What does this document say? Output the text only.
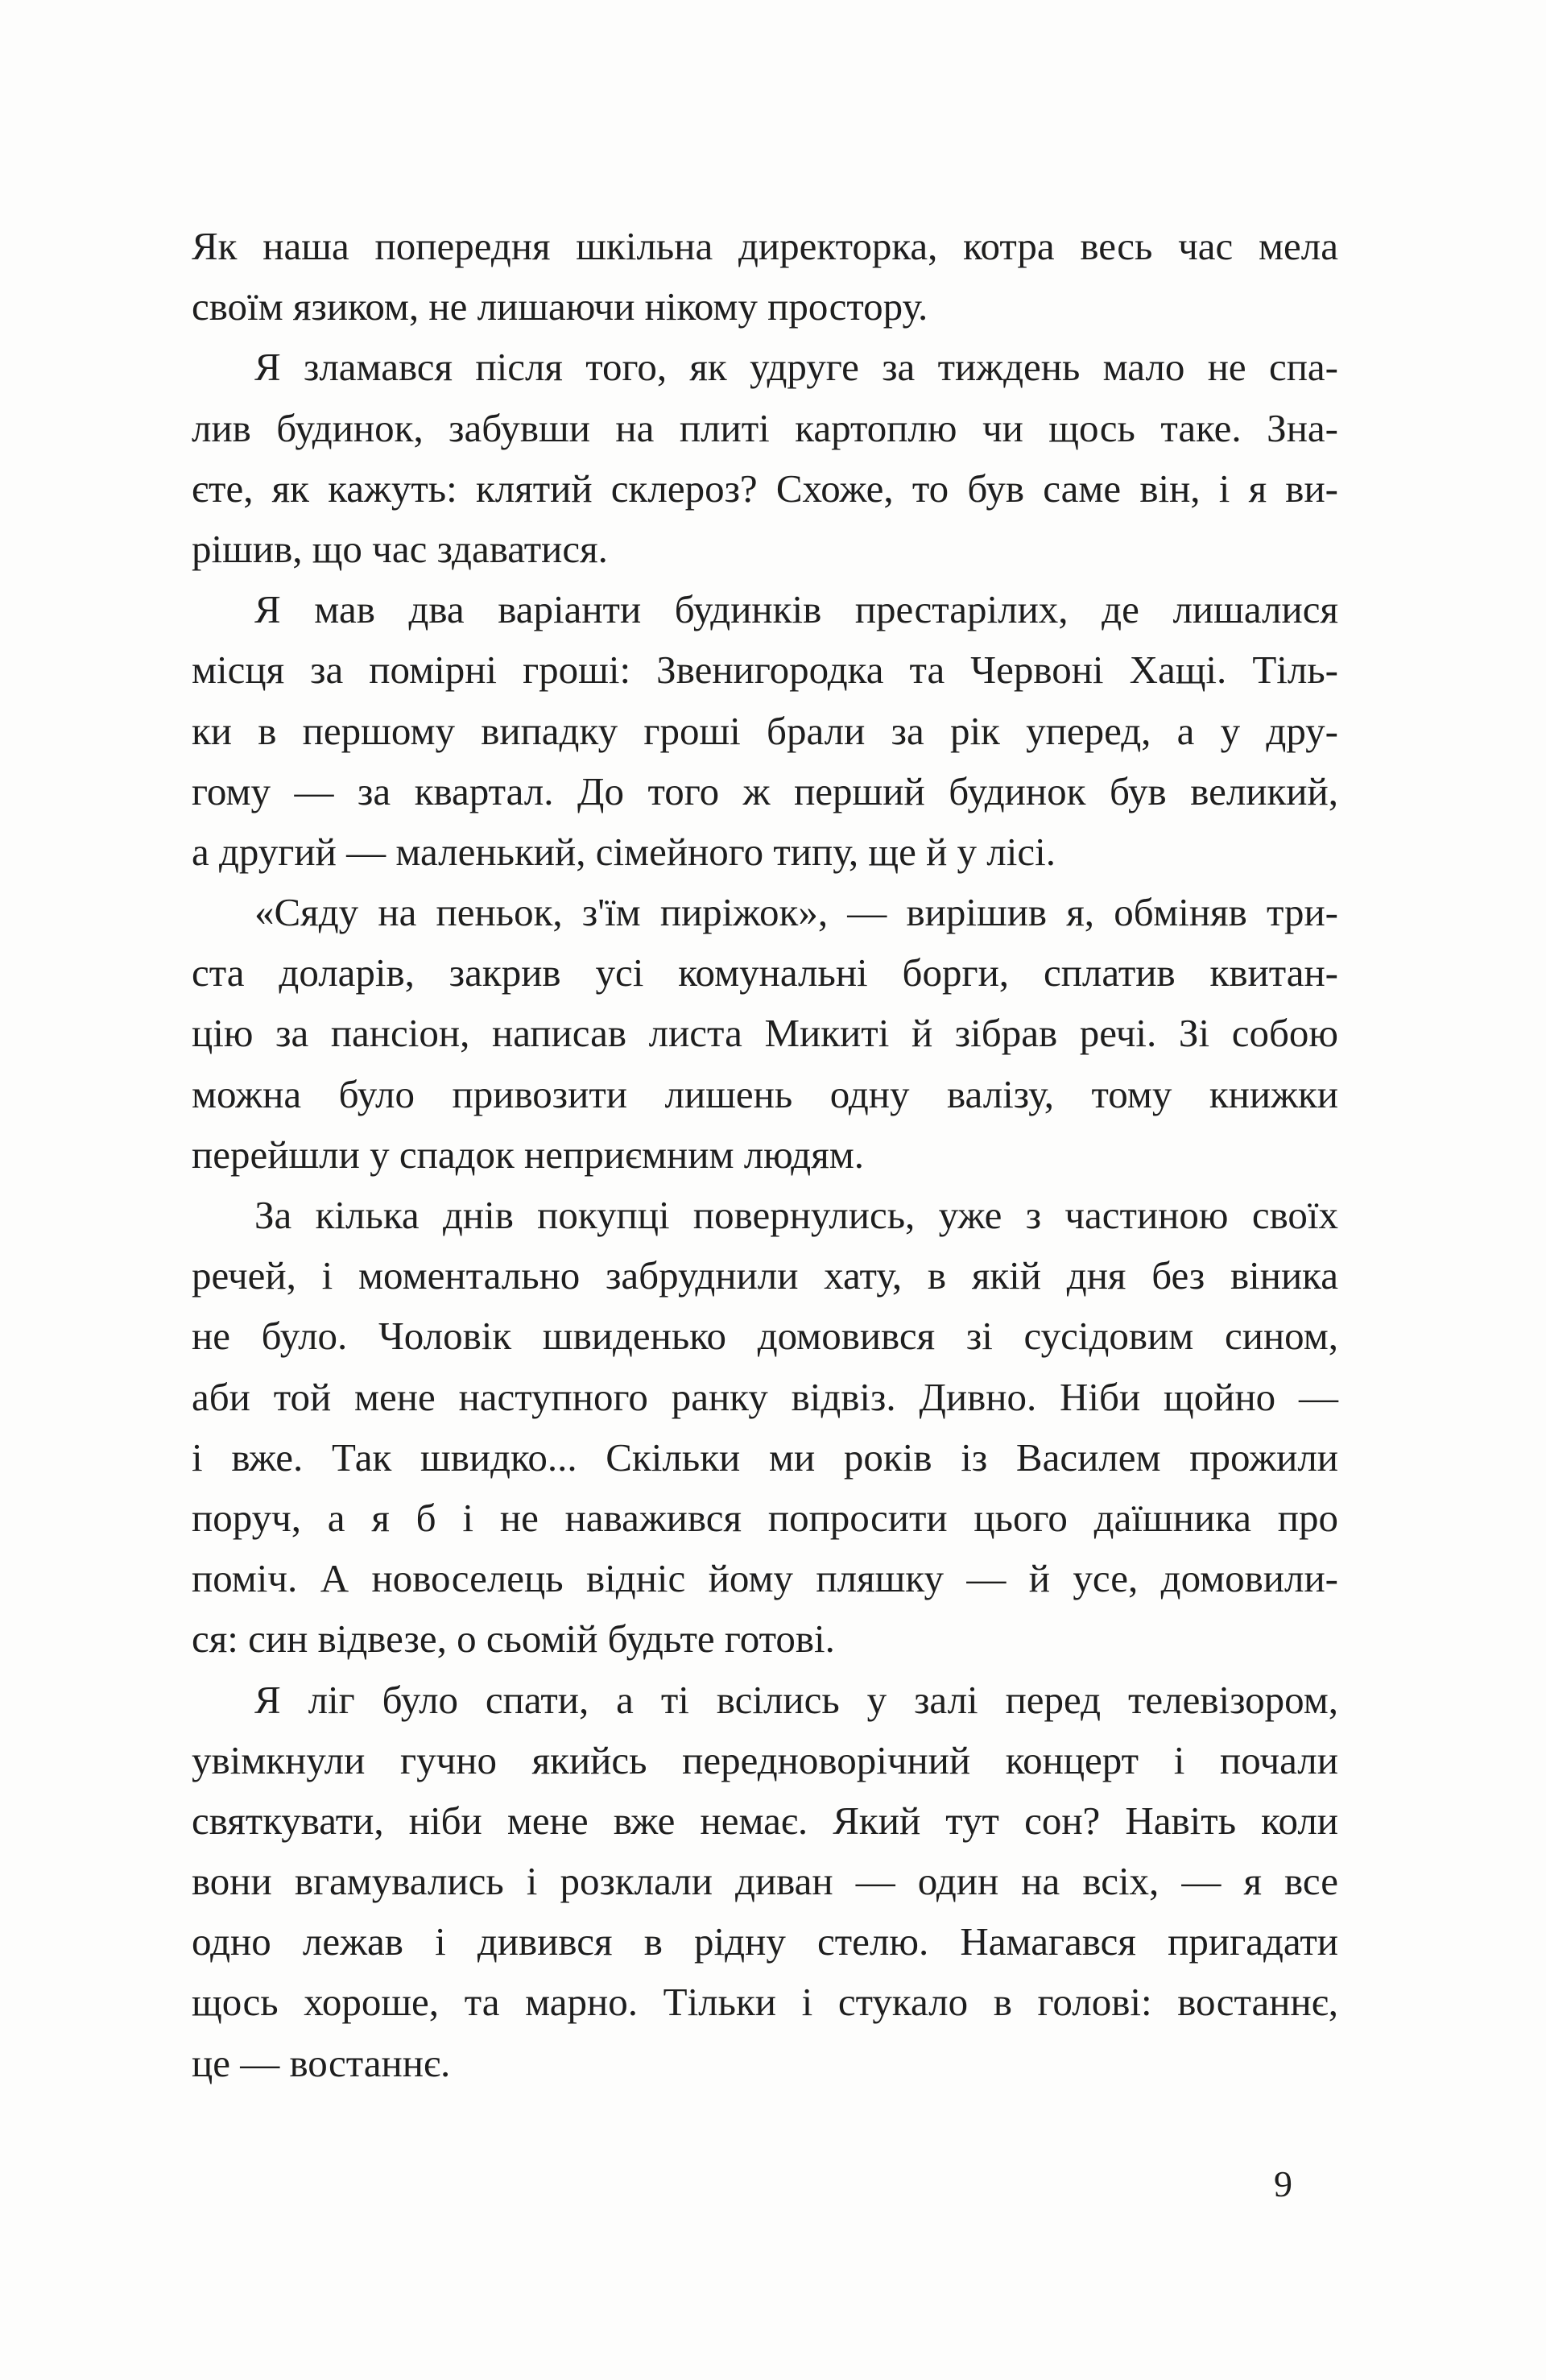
Як наша попередня шкільна директорка, котра весь час мела
своїм язиком, не лишаючи нікому простору.
Я зламався після того, як удруге за тиждень мало не спа-
лив будинок, забувши на плиті картоплю чи щось таке. Зна-
єте, як кажуть: клятий склероз? Схоже, то був саме він, і я ви-
рішив, що час здаватися.
Я мав два варіанти будинків престарілих, де лишалися
місця за помірні гроші: Звенигородка та Червоні Хащі. Тіль-
ки в першому випадку гроші брали за рік уперед, а у дру-
гому — за квартал. До того ж перший будинок був великий,
а другий — маленький, сімейного типу, ще й у лісі.
«Сяду на пеньок, з'їм пиріжок», — вирішив я, обміняв три-
ста доларів, закрив усі комунальні борги, сплатив квитан-
цію за пансіон, написав листа Микиті й зібрав речі. Зі собою
можна було привозити лишень одну валізу, тому книжки
перейшли у спадок неприємним людям.
За кілька днів покупці повернулись, уже з частиною своїх
речей, і моментально забруднили хату, в якій дня без віника
не було. Чоловік швиденько домовився зі сусідовим сином,
аби той мене наступного ранку відвіз. Дивно. Ніби щойно —
і вже. Так швидко... Скільки ми років із Василем прожили
поруч, а я б і не наважився попросити цього даїшника про
поміч. А новоселець відніс йому пляшку — й усе, домовили-
ся: син відвезе, о сьомій будьте готові.
Я ліг було спати, а ті всілись у залі перед телевізором,
увімкнули гучно якийсь передноворічний концерт і почали
святкувати, ніби мене вже немає. Який тут сон? Навіть коли
вони вгамувались і розклали диван — один на всіх, — я все
одно лежав і дивився в рідну стелю. Намагався пригадати
щось хороше, та марно. Тільки і стукало в голові: востаннє,
це — востаннє.
9
